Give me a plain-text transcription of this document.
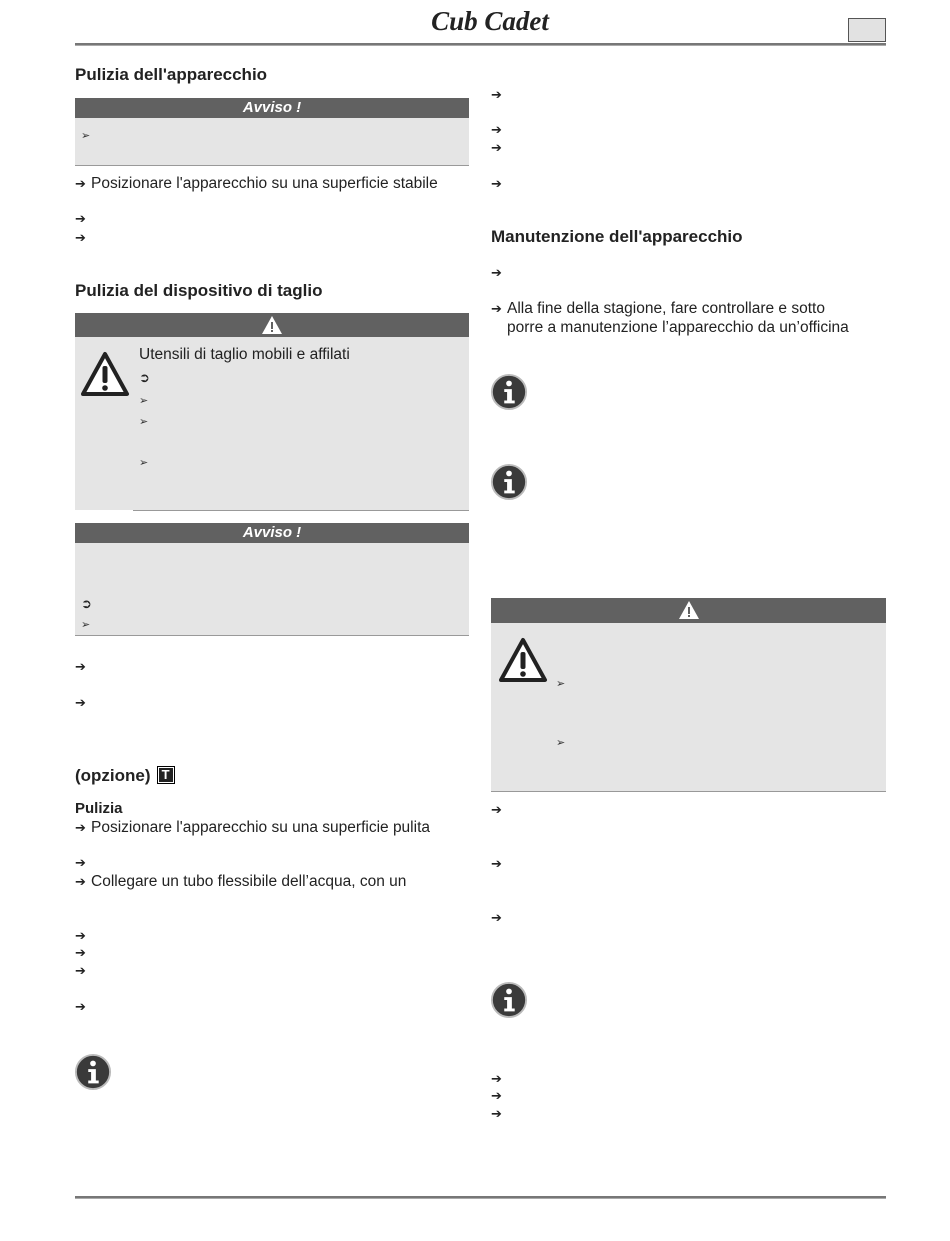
Cub Cadet
Pulizia dell'apparecchio
Avviso !
➢
➔ Posizionare l'apparecchio su una superficie stabile
➔
➔
Pulizia del dispositivo di taglio
Utensili di taglio mobili e affilati
➲
➢
➢
➢
Avviso !
➲
➢
➔
➔
(opzione) T
Pulizia
➔ Posizionare l'apparecchio su una superficie pulita
➔
➔ Collegare un tubo flessibile dell’acqua, con un
➔
➔
➔
➔
➔
➔
➔
➔
Manutenzione dell'apparecchio
➔
➔ Alla fine della stagione, fare controllare e sotto
porre a manutenzione l’apparecchio da un’officina
➢
➢
➔
➔
➔
➔
➔
➔
